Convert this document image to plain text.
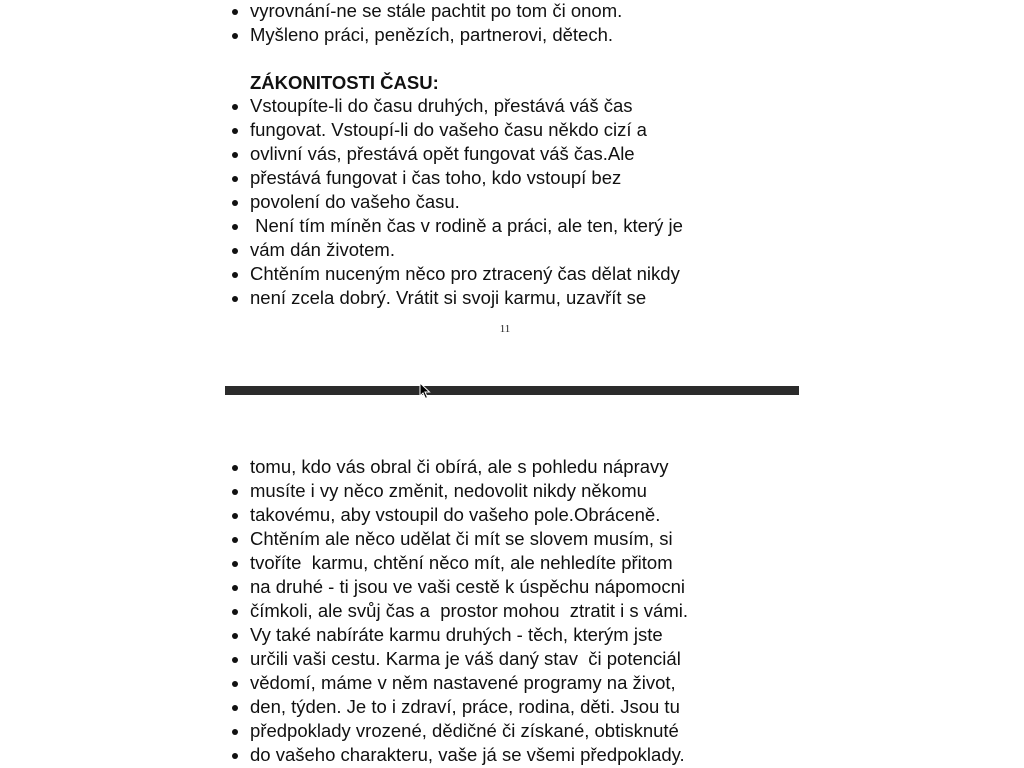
11
• vyrovnání-ne se stále pachtit po tom či onom.
• Myšleno práci, penězích, partnerovi, dětech.
ZÁKONITOSTI ČASU:
• Vstoupíte-li do času druhých, přestává váš čas
• fungovat. Vstoupí-li do vašeho času někdo cizí a
• ovlivní vás, přestává opět fungovat váš čas.Ale
• přestává fungovat i čas toho, kdo vstoupí bez
• povolení do vašeho času.
•  Není tím míněn čas v rodině a práci, ale ten, který je
• vám dán životem.
• Chtěním nuceným něco pro ztracený čas dělat nikdy
• není zcela dobrý. Vrátit si svoji karmu, uzavřít se
• tomu, kdo vás obral či obírá, ale s pohledu nápravy
• musíte i vy něco změnit, nedovolit nikdy někomu
• takovému, aby vstoupil do vašeho pole.Obráceně.
• Chtěním ale něco udělat či mít se slovem musím, si
• tvoříte  karmu, chtění něco mít, ale nehledíte přitom
• na druhé - ti jsou ve vaši cestě k úspěchu nápomocni
• čímkoli, ale svůj čas a  prostor mohou  ztratit i s vámi.
• Vy také nabíráte karmu druhých - těch, kterým jste
• určili vaši cestu. Karma je váš daný stav  či potenciál
• vědomí, máme v něm nastavené programy na život,
• den, týden. Je to i zdraví, práce, rodina, děti. Jsou tu
• předpoklady vrozené, dědičné či získané, obtisknuté
• do vašeho charakteru, vaše já se všemi předpoklady.
